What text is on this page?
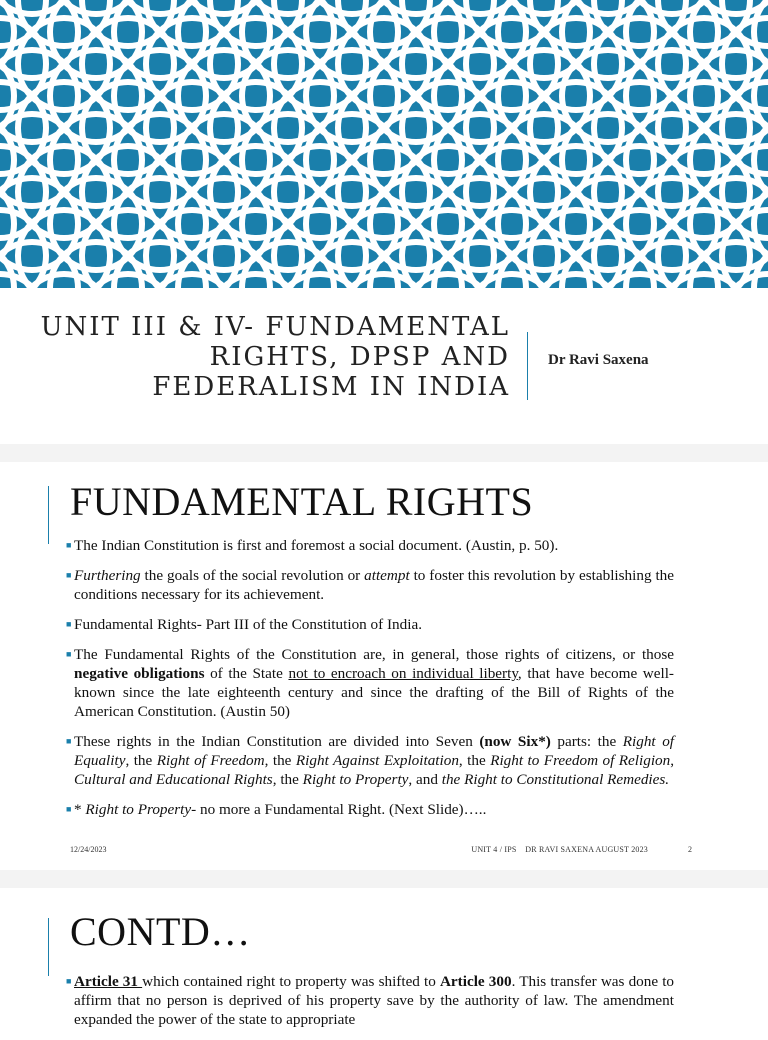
UNIT III & IV- FUNDAMENTAL
RIGHTS, DPSP AND
FEDERALISM IN INDIA
Dr Ravi Saxena
FUNDAMENTAL RIGHTS
■ The Indian Constitution is first and foremost a social document. (Austin, p. 50).
■ Furthering the goals of the social revolution or attempt to foster this revolution by establishing the conditions necessary for its achievement.
■ Fundamental Rights- Part III of the Constitution of India.
■ The Fundamental Rights of the Constitution are, in general, those rights of citizens, or those negative obligations of the State not to encroach on individual liberty, that have become well-known since the late eighteenth century and since the drafting of the Bill of Rights of the American Constitution. (Austin 50)
■ These rights in the Indian Constitution are divided into Seven (now Six*) parts: the Right of Equality, the Right of Freedom, the Right Against Exploitation, the Right to Freedom of Religion, Cultural and Educational Rights, the Right to Property, and the Right to Constitutional Remedies.
■ * Right to Property- no more a Fundamental Right. (Next Slide)…..
12/24/2023	UNIT 4 / IPS    DR RAVI SAXENA AUGUST 2023	2
CONTD…
■ Article 31 which contained right to property was shifted to Article 300. This transfer was done to affirm that no person is deprived of his property save by the authority of law. The amendment expanded the power of the state to appropriate
